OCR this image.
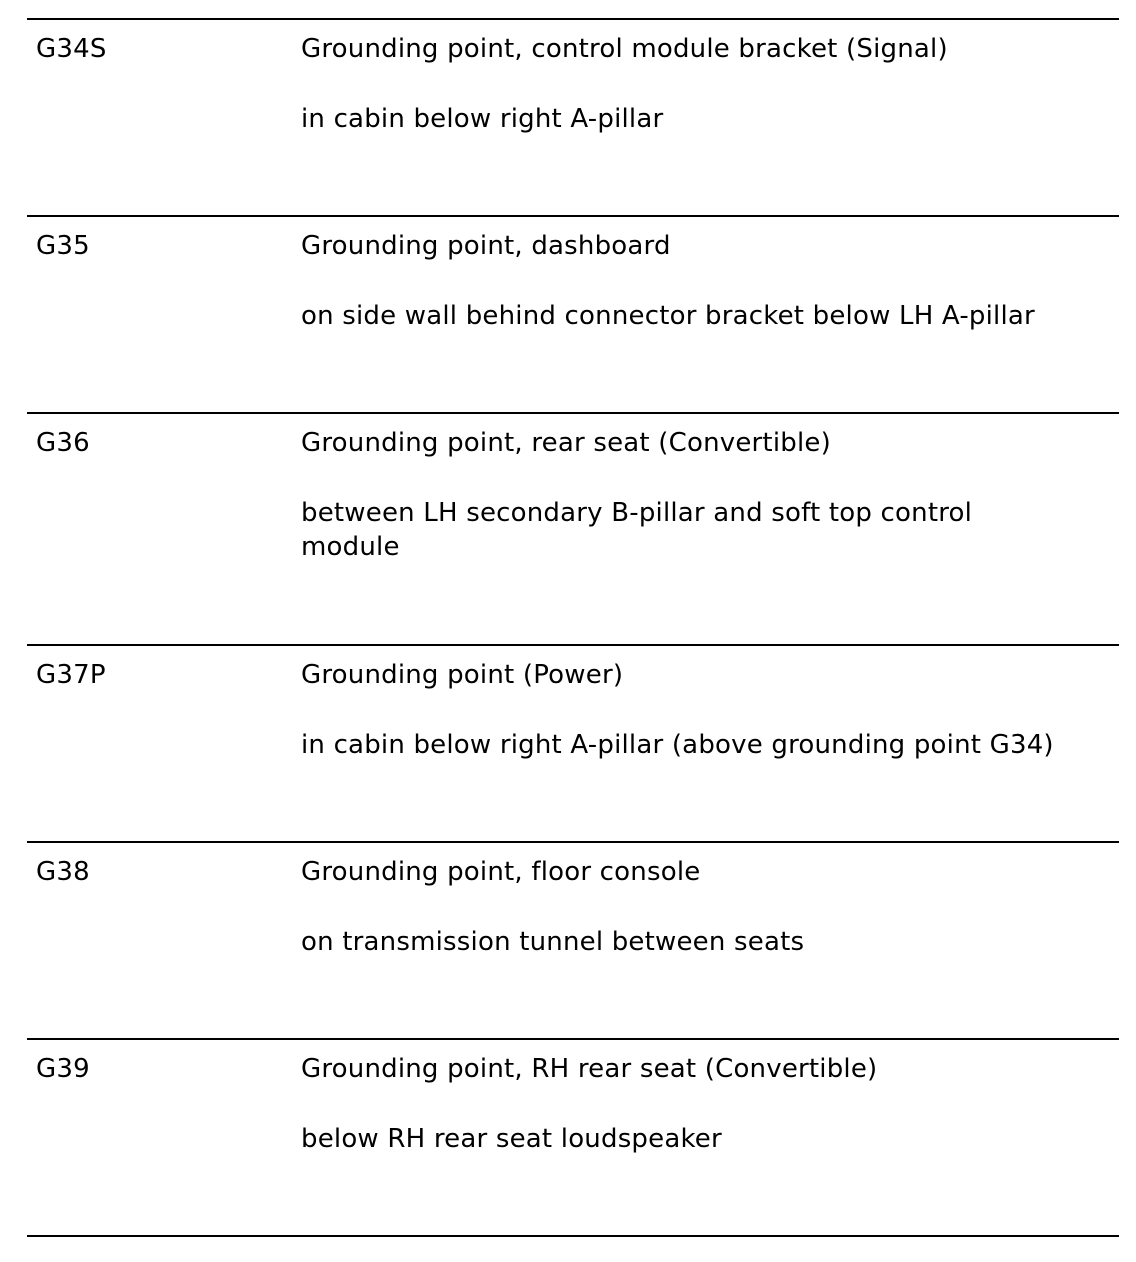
G34S	Grounding point, control module bracket (Signal)
in cabin below right A-pillar
G35	Grounding point, dashboard
on side wall behind connector bracket below LH A-pillar
G36	Grounding point, rear seat (Convertible)
between LH secondary B-pillar and soft top control module
G37P	Grounding point (Power)
in cabin below right A-pillar (above grounding point G34)
G38	Grounding point, floor console
on transmission tunnel between seats
G39	Grounding point, RH rear seat (Convertible)
below RH rear seat loudspeaker
